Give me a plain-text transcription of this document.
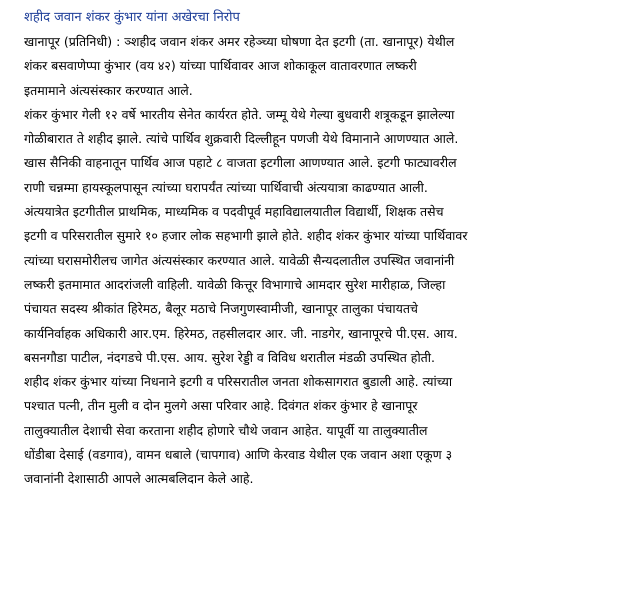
शहीद जवान शंकर कुंभार यांना अखेरचा निरोप
खानापूर (प्रतिनिधी) : ञ्शहीद जवान शंकर अमर रहेञ्च्या घोषणा देत इटगी (ता. खानापूर) येथील
शंकर बसवाणेप्पा कुंभार (वय ४२) यांच्या पार्थिवावर आज शोकाकूल वातावरणात लष्करी
इतमामाने अंत्यसंस्कार करण्यात आले.
शंकर कुंभार गेली १२ वर्षे भारतीय सेनेत कार्यरत होते. जम्मू येथे गेल्या बुधवारी शत्रूकडून झालेल्या
गोळीबारात ते शहीद झाले. त्यांचे पार्थिव शुक्रवारी दिल्लीहून पणजी येथे विमानाने आणण्यात आले.
खास सैनिकी वाहनातून पार्थिव आज पहाटे ८ वाजता इटगीला आणण्यात आले. इटगी फाट्यावरील
राणी चन्नम्मा हायस्कूलपासून त्यांच्या घरापर्यंत त्यांच्या पार्थिवाची अंत्ययात्रा काढण्यात आली.
अंत्ययात्रेत इटगीतील प्राथमिक, माध्यमिक व पदवीपूर्व महाविद्यालयातील विद्यार्थी, शिक्षक तसेच
इटगी व परिसरातील सुमारे १० हजार लोक सहभागी झाले होते. शहीद शंकर कुंभार यांच्या पार्थिवावर
त्यांच्या घरासमोरीलच जागेत अंत्यसंस्कार करण्यात आले. यावेळी सैन्यदलातील उपस्थित जवानांनी
लष्करी इतमामात आदरांजली वाहिली. यावेळी कित्तूर विभागाचे आमदार सुरेश मारीहाळ, जिल्हा
पंचायत सदस्य श्रीकांत हिरेमठ, बैलूर मठाचे निजगुणस्वामीजी, खानापूर तालुका पंचायतचे
कार्यनिर्वाहक अधिकारी आर.एम. हिरेमठ, तहसीलदार आर. जी. नाडगेर, खानापूरचे पी.एस. आय.
बसनगौडा पाटील, नंदगडचे पी.एस. आय. सुरेश रेड्डी व विविध थरातील मंडळी उपस्थित होती.
शहीद शंकर कुंभार यांच्या निधनाने इटगी व परिसरातील जनता शोकसागरात बुडाली आहे. त्यांच्या
पश्चात पत्नी, तीन मुली व दोन मुलगे असा परिवार आहे. दिवंगत शंकर कुंभार हे खानापूर
तालुक्यातील देशाची सेवा करताना शहीद होणारे चौथे जवान आहेत. यापूर्वी या तालुक्यातील
धोंडीबा देसाई (वडगाव), वामन धबाले (चापगाव) आणि केरवाड येथील एक जवान अशा एकूण ३
जवानांनी देशासाठी आपले आत्मबलिदान केले आहे.
